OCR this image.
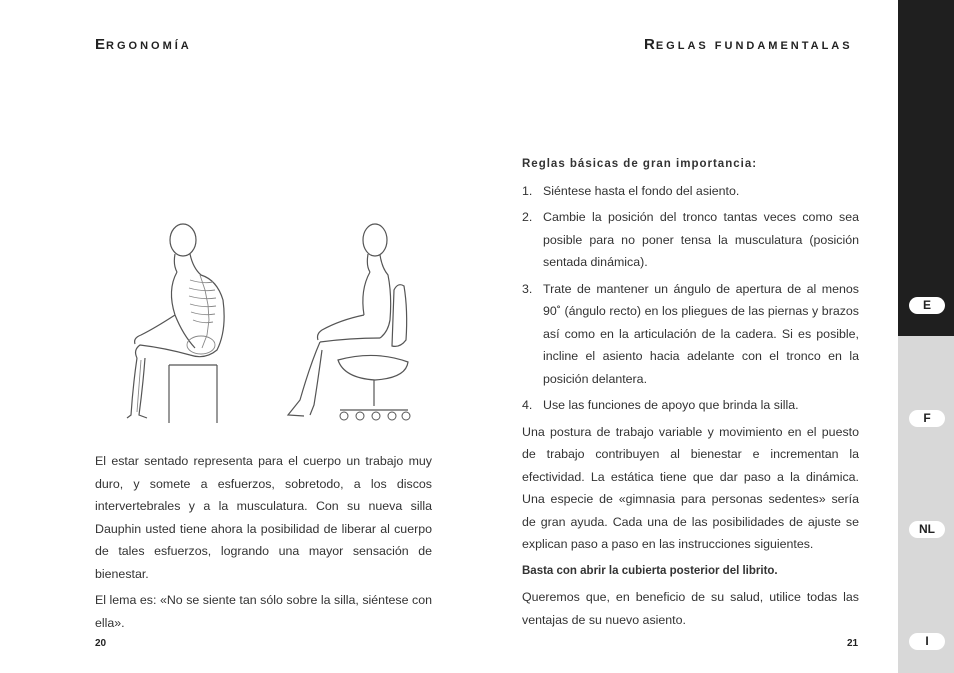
ERGONOMÍA	REGLAS FUNDAMENTALAS

El estar sentado representa para el cuerpo un trabajo muy duro, y somete a esfuerzos, sobretodo, a los discos intervertebrales y a la musculatura. Con su nueva silla Dauphin usted tiene ahora la posibilidad de liberar al cuerpo de tales esfuerzos, logrando una mayor sensación de bienestar.

El lema es: «No se siente tan sólo sobre la silla, siéntese con ella».

Reglas básicas de gran importancia:
1. Siéntese hasta el fondo del asiento.
2. Cambie la posición del tronco tantas veces como sea posible para no poner tensa la musculatura (posición sentada dinámica).
3. Trate de mantener un ángulo de apertura de al menos 90˚ (ángulo recto) en los pliegues de las piernas y brazos así como en la articulación de la cadera. Si es posible, incline el asiento hacia adelante con el tronco en la posición delantera.
4. Use las funciones de apoyo que brinda la silla.

Una postura de trabajo variable y movimiento en el puesto de trabajo contribuyen al bienestar e incrementan la efectividad. La estática tiene que dar paso a la dinámica. Una especie de «gimnasia para personas sedentes» sería de gran ayuda. Cada una de las posibilidades de ajuste se explican paso a paso en las instrucciones siguientes.

Basta con abrir la cubierta posterior del librito.

Queremos que, en beneficio de su salud, utilice todas las ventajas de su nuevo asiento.

20	21
E
F
NL
I
